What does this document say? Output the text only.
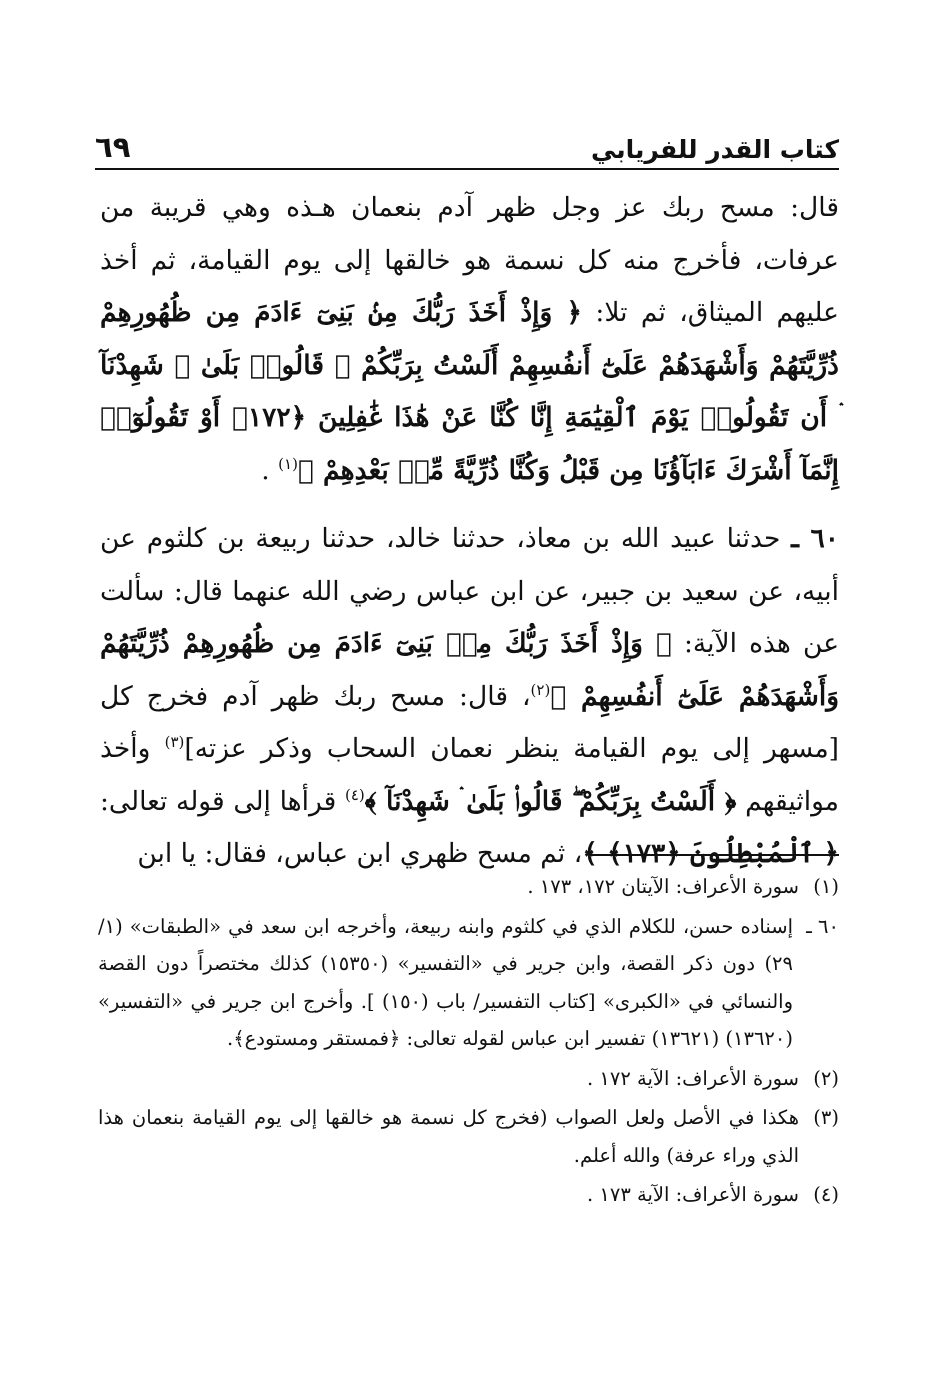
كتاب القدر للفريابي
٦٩

قال: مسح ربك عز وجل ظهر آدم بنعمان هـذه وهي قريبة من عرفات، فأخرج منه كل نسمة هو خالقها إلى يوم القيامة، ثم أخذ عليهم الميثاق، ثم تلا: ﴿ وَإِذْ أَخَذَ رَبُّكَ مِنۢ بَنِىٓ ءَادَمَ مِن ظُهُورِهِمْ ذُرِّيَّتَهُمْ وَأَشْهَدَهُمْ عَلَىٰٓ أَنفُسِهِمْ أَلَسْتُ بِرَبِّكُمْ ۖ قَالُوا۟ بَلَىٰ ۛ شَهِدْنَآ ۛ أَن تَقُولُوا۟ يَوْمَ ٱلْقِيَٰمَةِ إِنَّا كُنَّا عَنْ هَٰذَا غَٰفِلِينَ ﴿١٧٢﴾ أَوْ تَقُولُوٓا۟ إِنَّمَآ أَشْرَكَ ءَابَآؤُنَا مِن قَبْلُ وَكُنَّا ذُرِّيَّةً مِّنۢ بَعْدِهِمْ ﴾$^{(١)}$ .

٦٠ ـ حدثنا عبيد الله بن معاذ، حدثنا خالد، حدثنا ربيعة بن كلثوم عن أبيه، عن سعيد بن جبير، عن ابن عباس رضي الله عنهما قال: سألت عن هذه الآية: ﴿ وَإِذْ أَخَذَ رَبُّكَ مِنۢ بَنِىٓ ءَادَمَ مِن ظُهُورِهِمْ ذُرِّيَّتَهُمْ وَأَشْهَدَهُمْ عَلَىٰٓ أَنفُسِهِمْ ﴾$^{(٢)}$، قال: مسح ربك ظهر آدم فخرج كل [مسهر إلى يوم القيامة ينظر نعمان السحاب وذكر عزته]$^{(٣)}$ وأخذ مواثيقهم ﴿ أَلَسْتُ بِرَبِّكُمْ ۖ قَالُوا۟ بَلَىٰ ۛ شَهِدْنَآ ﴾$^{(٤)}$ قرأها إلى قوله تعالى: ﴿ ٱلْمُبْطِلُونَ ﴿١٧٣﴾ ﴾، ثم مسح ظهري ابن عباس، فقال: يا ابن

(١)
سورة الأعراف: الآيتان ١٧٢، ١٧٣ .

٦٠ ـ
إسناده حسن، للكلام الذي في كلثوم وابنه ربيعة، وأخرجه ابن سعد في «الطبقات» (١/ ٢٩) دون ذكر القصة، وابن جرير في «التفسير» (١٥٣٥٠) كذلك مختصراً دون القصة والنسائي في «الكبرى» [كتاب التفسير/ باب (١٥٠) ]. وأخرج ابن جرير في «التفسير» (١٣٦٢٠) (١٣٦٢١) تفسير ابن عباس لقوله تعالى: ﴿فمستقر ومستودع﴾.

(٢)
سورة الأعراف: الآية ١٧٢ .

(٣)
هكذا في الأصل ولعل الصواب (فخرج كل نسمة هو خالقها إلى يوم القيامة بنعمان هذا الذي وراء عرفة) والله أعلم.

(٤)
سورة الأعراف: الآية ١٧٣ .
